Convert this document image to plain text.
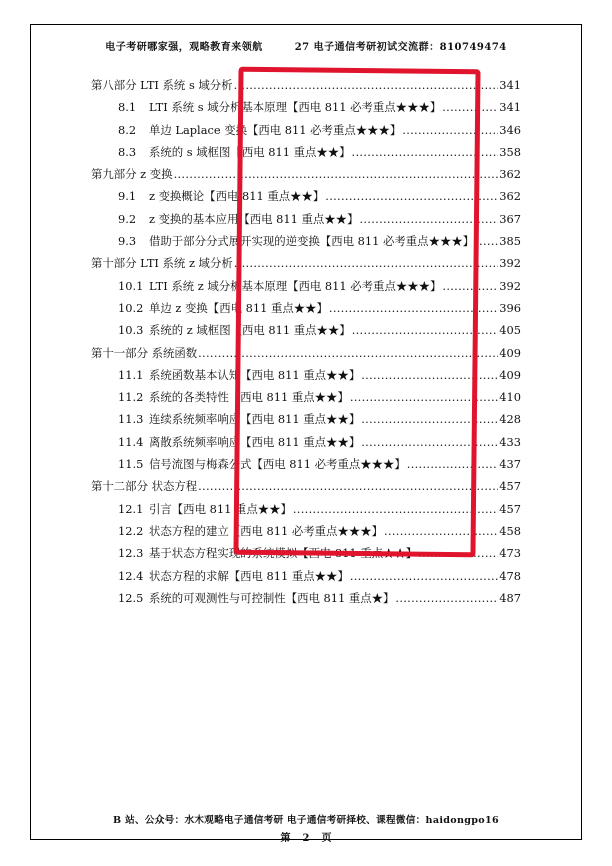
电子考研哪家强，观略教育来领航	27 电子通信考研初试交流群：810749474
第八部分 LTI 系统 s 域分析 .....	341
8.1	LTI 系统 s 域分析基本原理【西电 811 必考重点★★★】 .....	341
8.2	单边 Laplace 变换【西电 811 必考重点★★★】 .....	346
8.3	系统的 s 域框图【西电 811 重点★★】 .....	358
第九部分 z 变换 .....	362
9.1	z 变换概论【西电 811 重点★★】 .....	362
9.2	z 变换的基本应用【西电 811 重点★★】 .....	367
9.3	借助于部分分式展开实现的逆变换【西电 811 必考重点★★★】 ..... 385
第十部分 LTI 系统 z 域分析 .....	392
10.1 LTI 系统 z 域分析基本原理【西电 811 必考重点★★★】 .....	392
10.2 单边 z 变换【西电 811 重点★★】 .....	396
10.3 系统的 z 域框图【西电 811 重点★★】 .....	405
第十一部分 系统函数 .....	409
11.1 系统函数基本认知【西电 811 重点★★】 .....	409
11.2 系统的各类特性【西电 811 重点★★】 .....	410
11.3 连续系统频率响应【西电 811 重点★★】 .....	428
11.4 离散系统频率响应【西电 811 重点★★】 .....	433
11.5 信号流图与梅森公式【西电 811 必考重点★★★】 .....	437
第十二部分 状态方程 .....	457
12.1 引言【西电 811 重点★★】 .....	457
12.2 状态方程的建立【西电 811 必考重点★★★】 .....	458
12.3 基于状态方程实现的系统模拟【西电 811 重点★★】 .....	473
12.4 状态方程的求解【西电 811 重点★★】 .....	478
12.5 系统的可观测性与可控制性【西电 811 重点★】 .....	487
B 站、公众号：水木观略电子通信考研 电子通信考研择校、课程微信：haidongpo16
第 2 页
